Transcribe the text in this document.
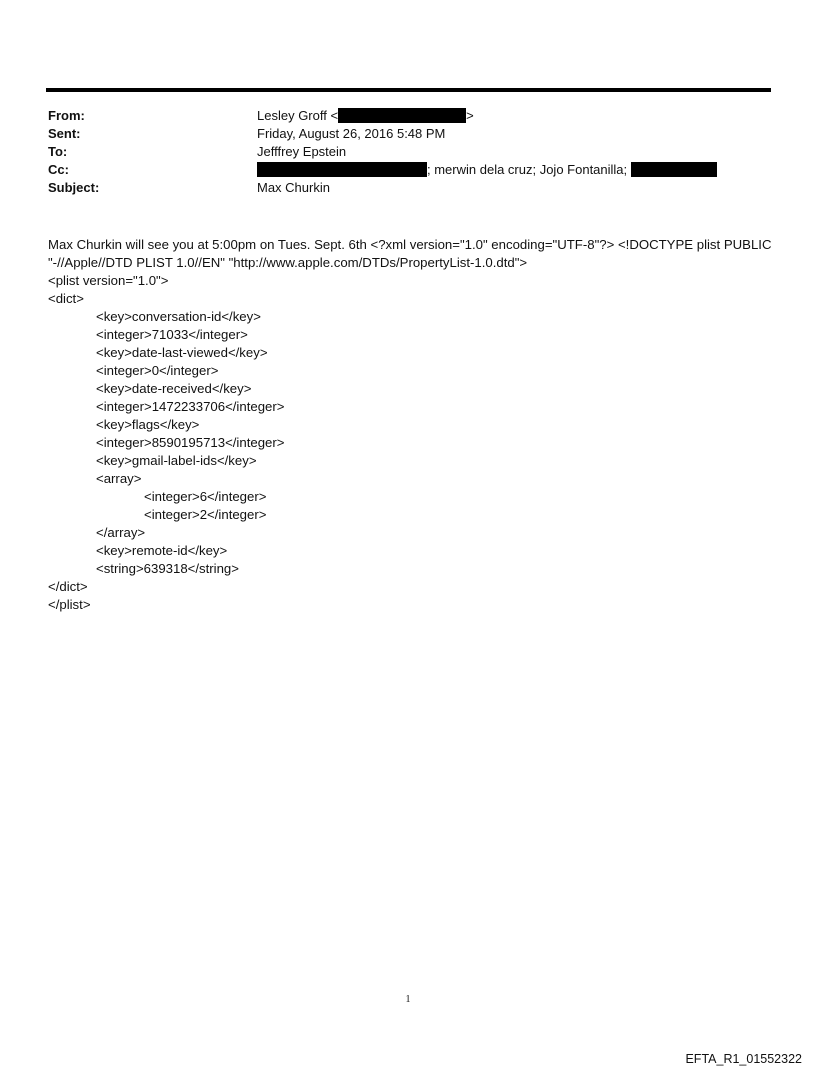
From:	Lesley Groff <	>
Sent:	Friday, August 26, 2016 5:48 PM
To:	Jefffrey Epstein
Cc:	; merwin dela cruz; Jojo Fontanilla;
Subject:	Max Churkin
Max Churkin will see you at 5:00pm on Tues. Sept. 6th <?xml version="1.0" encoding="UTF-8"?> <!DOCTYPE plist PUBLIC
"-//Apple//DTD PLIST 1.0//EN" "http://www.apple.com/DTDs/PropertyList-1.0.dtd">
<plist version="1.0">
<dict>
<key>conversation-id</key>
<integer>71033</integer>
<key>date-last-viewed</key>
<integer>0</integer>
<key>date-received</key>
<integer>1472233706</integer>
<key>flags</key>
<integer>8590195713</integer>
<key>gmail-label-ids</key>
<array>
<integer>6</integer>
<integer>2</integer>
</array>
<key>remote-id</key>
<string>639318</string>
</dict>
</plist>
1
EFTA_R1_01552322
